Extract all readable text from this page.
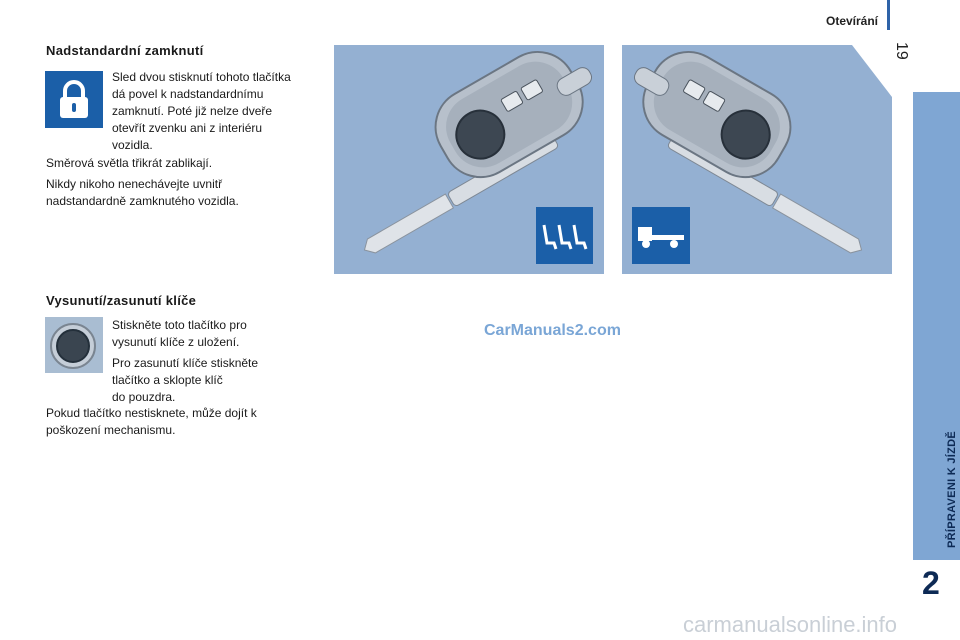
Otevírání
19
PŘÍPRAVENI K JÍZDĚ
2
Nadstandardní zamknutí

Sled dvou stisknutí tohoto tlačítka

dá povel k nadstandardnímu

zamknutí. Poté již nelze dveře

otevřít zvenku ani z interiéru

vozidla.

Směrová světla třikrát zablikají.

Nikdy nikoho nenechávejte uvnitř

nadstandardně zamknutého vozidla.

Vysunutí/zasunutí klíče

Stiskněte toto tlačítko pro

vysunutí klíče z uložení.

Pro zasunutí klíče stiskněte

tlačítko a sklopte klíč

do pouzdra.

Pokud tlačítko nestisknete, může dojít k

poškození mechanismu.

CarManuals2.com
carmanualsonline.info
